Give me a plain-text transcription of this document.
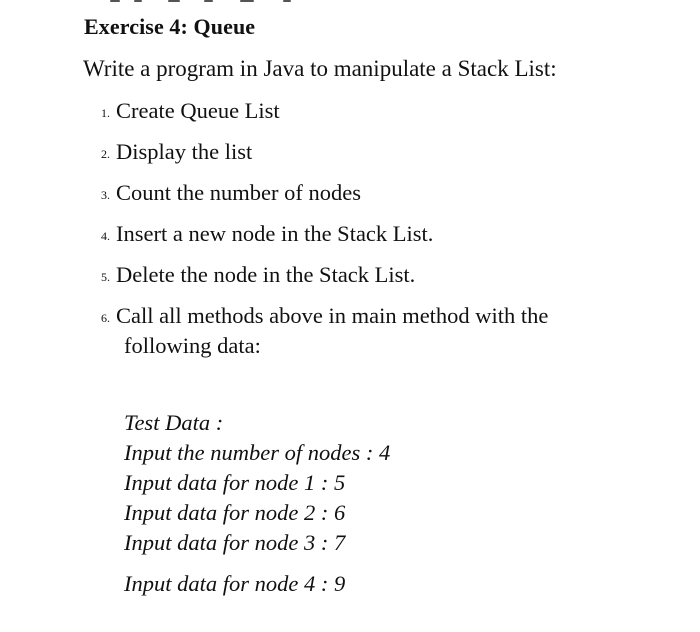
Exercise 4: Queue
Write a program in Java to manipulate a Stack List:
1. Create Queue List
2. Display the list
3. Count the number of nodes
4. Insert a new node in the Stack List.
5. Delete the node in the Stack List.
6. Call all methods above in main method with the
following data:
Test Data :
Input the number of nodes : 4
Input data for node 1 : 5
Input data for node 2 : 6
Input data for node 3 : 7
Input data for node 4 : 9
